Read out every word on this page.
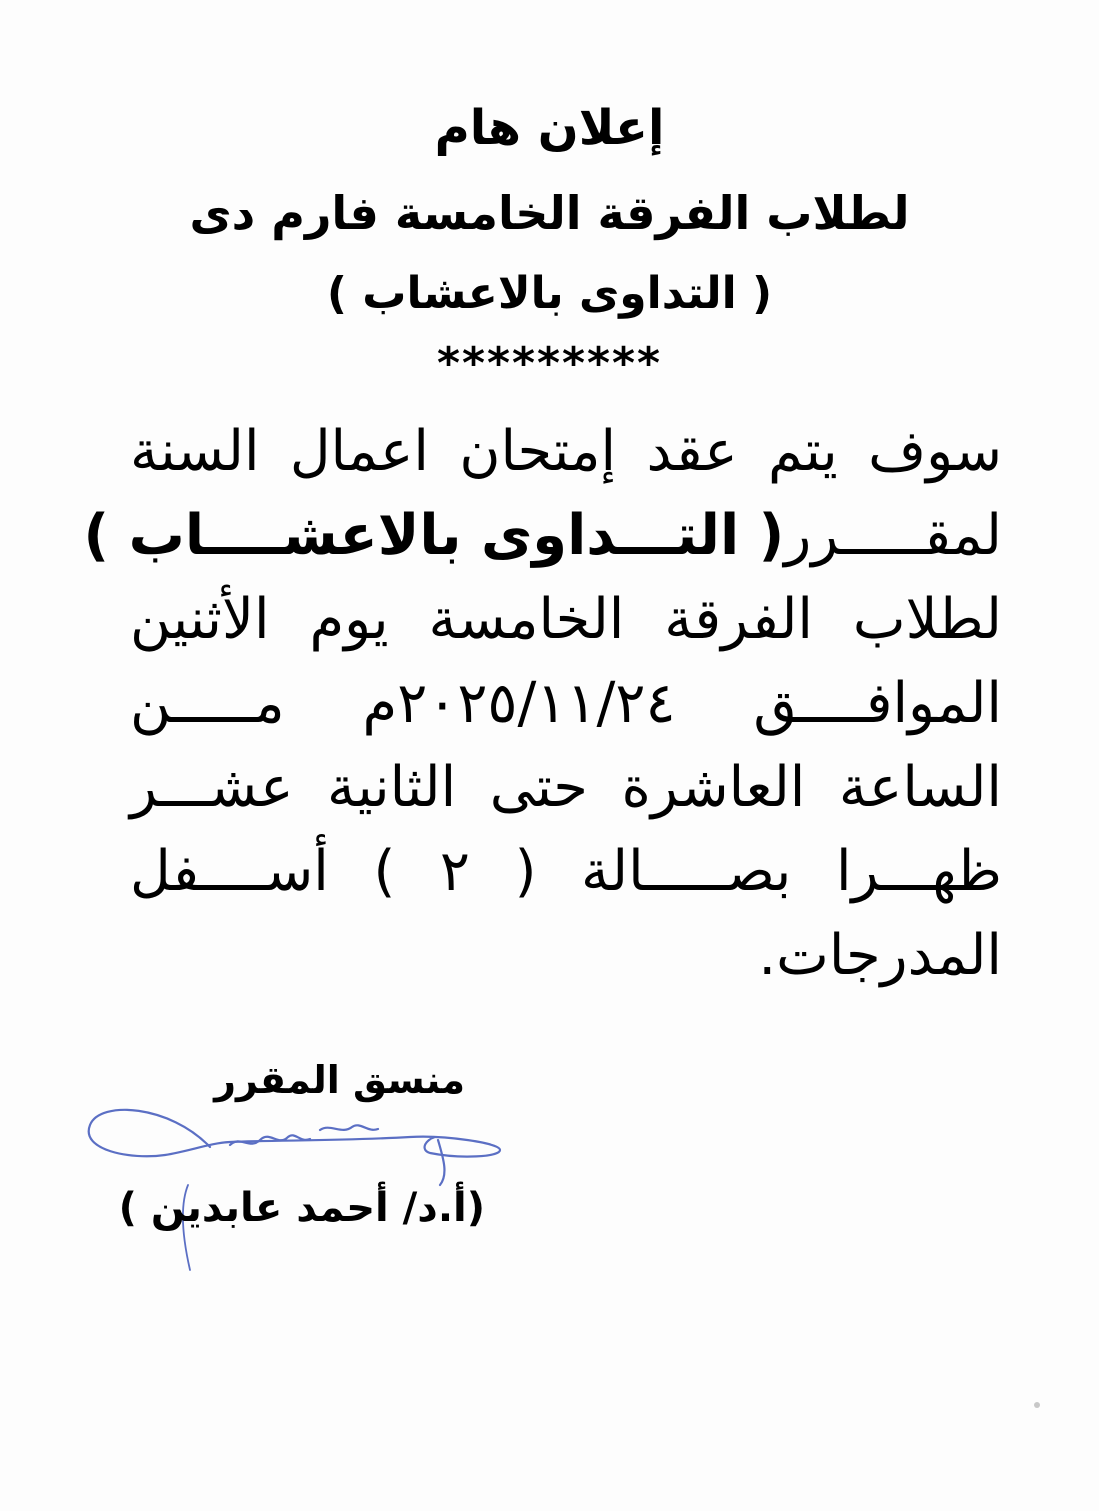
إعلان هام
لطلاب الفرقة الخامسة فارم دى
( التداوى بالاعشاب )
*********
سوف يتم عقد إمتحان اعمال السنة
لمقـــــرر( التـــداوى بالاعشــــاب )
لطلاب الفرقة الخامسة يوم الأثنين
الموافــــق ٢٠٢٥/١١/٢٤م مـــــن
الساعة العاشرة حتى الثانية عشـــر
ظهـــرا بصـــــالة ( ٢ ) أســــفل
المدرجات.
منسق المقرر
(أ.د/ أحمد عابدين )
